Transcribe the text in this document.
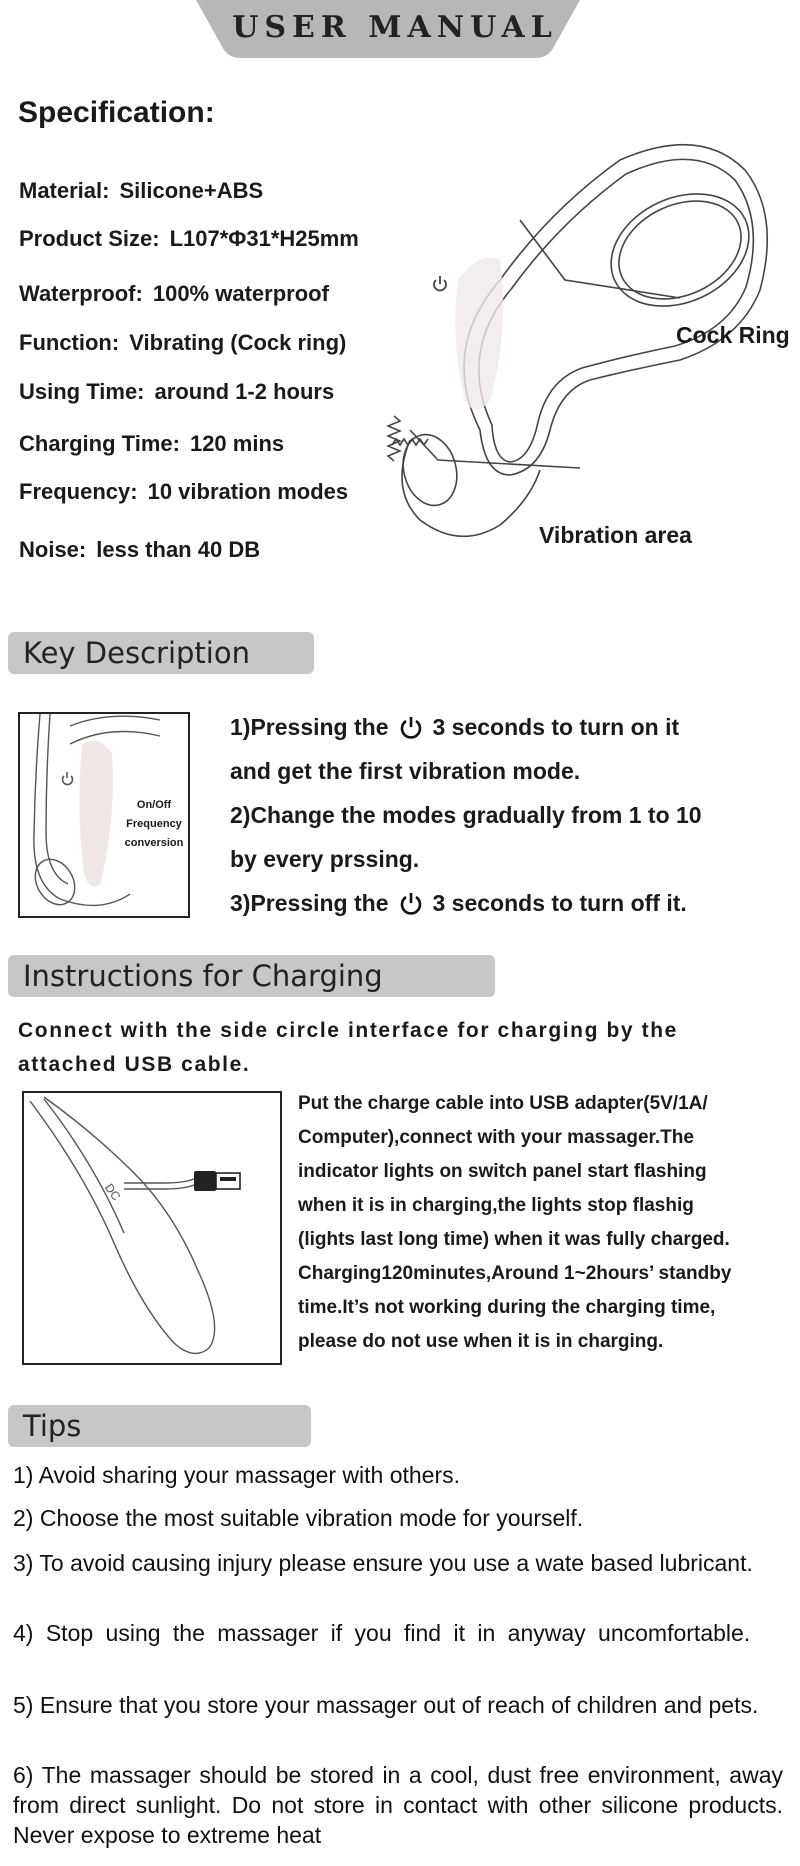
USER MANUAL
Specification:
Material: Silicone+ABS
Product Size: L107*Φ31*H25mm
Waterproof: 100% waterproof
Function: Vibrating (Cock ring)
Using Time: around 1-2 hours
Charging Time: 120 mins
Frequency: 10 vibration modes
Noise: less than 40 DB
Cock Ring
Vibration area
Key Description
On/Off
Frequency
conversion
1)Pressing the 3 seconds to turn on it
and get the first vibration mode.
2)Change the modes gradually from 1 to 10
by every prssing.
3)Pressing the 3 seconds to turn off it.
Instructions for Charging
Connect with the side circle interface for charging by the attached USB cable.
DC
Put the charge cable into USB adapter(5V/1A/
Computer),connect with your massager.The
indicator lights on switch panel start flashing
when it is in charging,the lights stop flashig
(lights last long time) when it was fully charged.
Charging120minutes,Around 1~2hours’ standby
time.It’s not working during the charging time,
please do not use when it is in charging.
Tips
1) Avoid sharing your massager with others.
2) Choose the most suitable vibration mode for yourself.
3) To avoid causing injury please ensure you use a wate based lubricant.
4) Stop using the massager if you find it in anyway uncomfortable.
5) Ensure that you store your massager out of reach of children and pets.
6) The massager should be stored in a cool, dust free environment, away from direct sunlight. Do not store in contact with other silicone products. Never expose to extreme heat
